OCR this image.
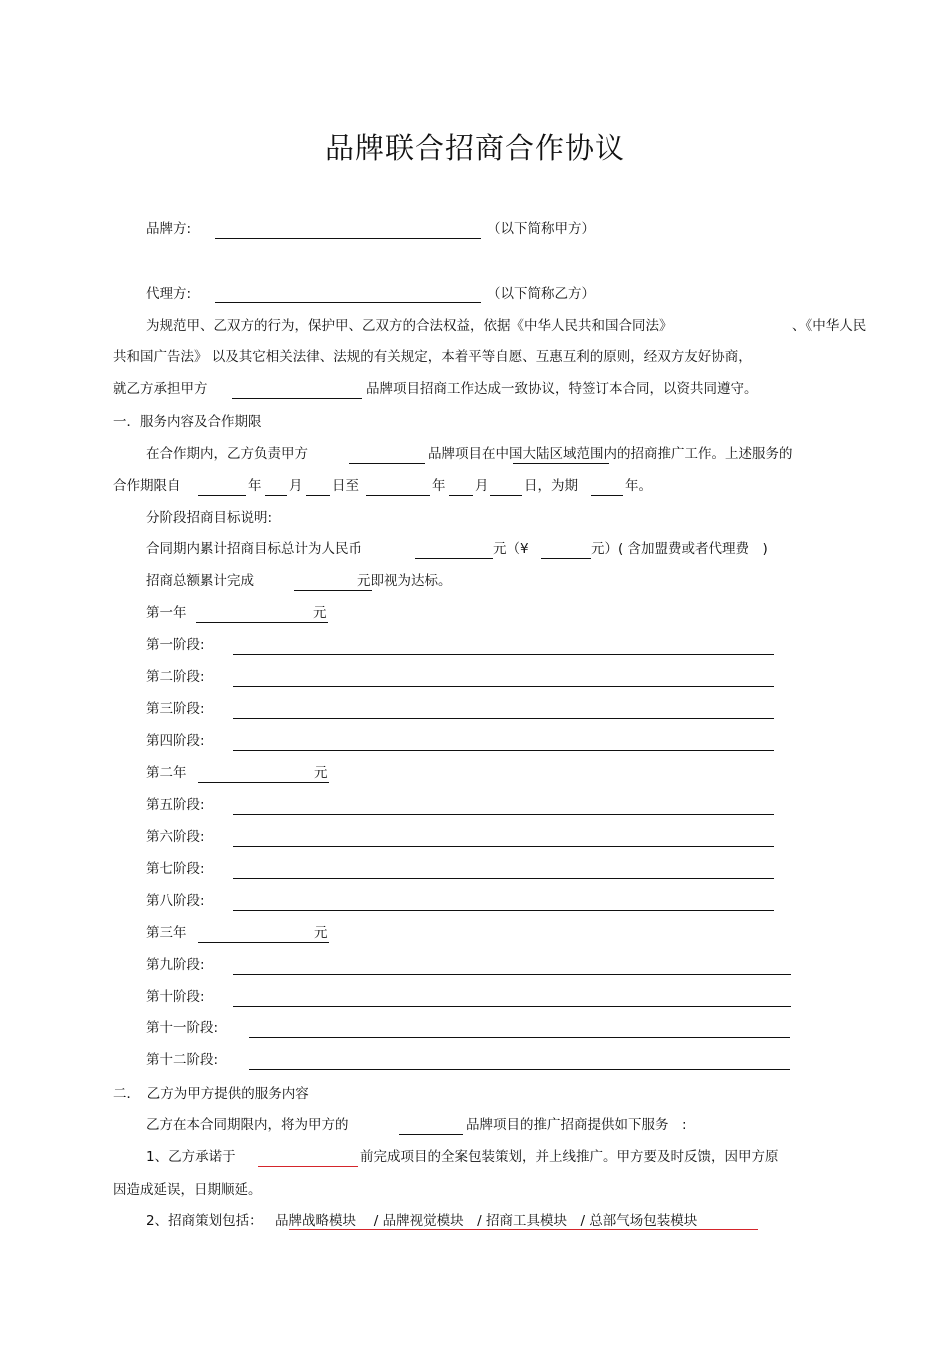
品牌联合招商合作协议
品牌方:	（以下简称甲方）
代理方:	（以下简称乙方）
为规范甲、乙双方的行为，保护甲、乙双方的合法权益，依据《中华人民共和国合同法》	、《中华人民
共和国广告法》 以及其它相关法律、法规的有关规定，本着平等自愿、互惠互利的原则，经双方友好协商，
就乙方承担甲方	品牌项目招商工作达成一致协议，特签订本合同，以资共同遵守。
一．服务内容及合作期限
在合作期内，乙方负责甲方	品牌项目在中国大陆区域范围内的招商推广工作。上述服务的
合作期限自	年 月 日至	年 月	日，为期	年。
分阶段招商目标说明:
合同期内累计招商目标总计为人民币	元（¥	元）( 含加盟费或者代理费　)
招商总额累计完成	元即视为达标。
第一年	元
第一阶段:
第二阶段:
第三阶段:
第四阶段:
第二年	元
第五阶段:
第六阶段:
第七阶段:
第八阶段:
第三年	元
第九阶段:
第十阶段:
第十一阶段:
第十二阶段:
二．　乙方为甲方提供的服务内容
乙方在本合同期限内，将为甲方的	品牌项目的推广招商提供如下服务　:
1、乙方承诺于	前完成项目的全案包装策划，并上线推广。甲方要及时反馈，因甲方原
因造成延误，日期顺延。
2、招商策划包括： 品牌战略模块　 / 品牌视觉模块　/ 招商工具模块　/ 总部气场包装模块
